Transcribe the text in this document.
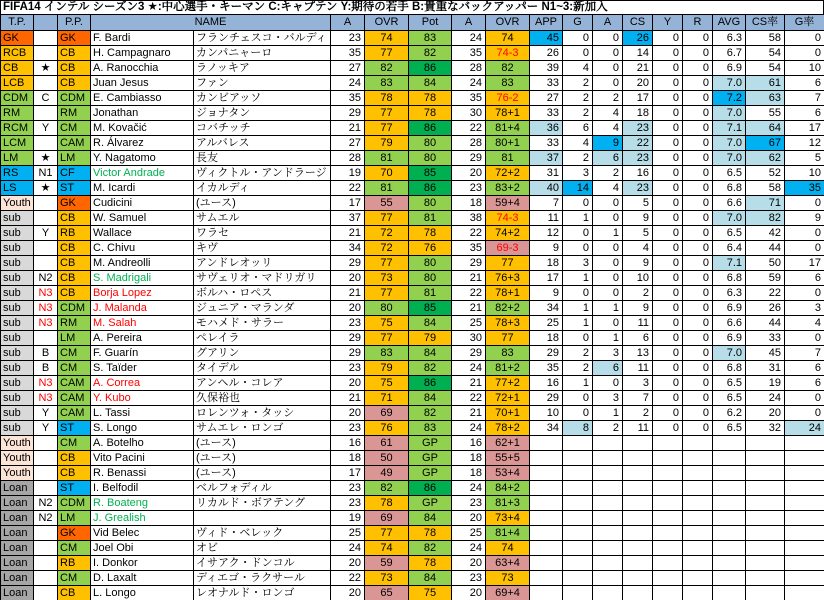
FIFA14 インテル シーズン3 ★:中心選手・キーマン C:キャプテン Y:期待の若手 B:貴重なバックアッパー N1~3:新加入
T.P.		P.P.	NAME		A	OVR	Pot	A	OVR	APP	G	A	CS	Y	R	AVG	CS率	G率
GK		GK	F. Bardi	フランチェスコ・バルディ	23	74	83	24	74	45	0	0	26	0	0	6.3	58	0
RCB		CB	H. Campagnaro	カンパニャーロ	35	77	82	35	74-3	26	0	0	14	0	0	6.7	54	0
CB	★	CB	A. Ranocchia	ラノッキア	27	82	86	28	82	39	4	0	21	0	0	6.9	54	10
LCB		CB	Juan Jesus	ファン	24	83	84	24	83	33	2	0	20	0	0	7.0	61	6
CDM	C	CDM	E. Cambiasso	カンビアッソ	35	78	78	35	76-2	27	2	2	17	0	0	7.2	63	7
RM		RM	Jonathan	ジョナタン	29	77	78	30	78+1	33	2	4	18	0	0	7.0	55	6
RCM	Y	CM	M. Kovačić	コバチッチ	21	77	86	22	81+4	36	6	4	23	0	0	7.1	64	17
LCM		CAM	R. Álvarez	アルバレス	27	79	80	28	80+1	33	4	9	22	0	0	7.0	67	12
LM	★	LM	Y. Nagatomo	長友	28	81	80	29	81	37	2	6	23	0	0	7.0	62	5
RS	N1	CF	Victor Andrade	ヴィクトル・アンドラージ	19	70	85	20	72+2	31	3	2	16	0	0	6.5	52	10
LS	★	ST	M. Icardi	イカルディ	22	81	86	23	83+2	40	14	4	23	0	0	6.8	58	35
Youth		GK	Cudicini	(ユース)	17	55	80	18	59+4	7	0	0	5	0	0	6.6	71	0
sub		CB	W. Samuel	サムエル	37	77	81	38	74-3	11	1	0	9	0	0	7.0	82	9
sub	Y	RB	Wallace	ワラセ	21	72	78	22	74+2	12	0	1	5	0	0	6.5	42	0
sub		CB	C. Chivu	キヴ	34	72	76	35	69-3	9	0	0	4	0	0	6.4	44	0
sub		CB	M. Andreolli	アンドレオッリ	29	77	80	29	77	18	3	0	9	0	0	7.1	50	17
sub	N2	CB	S. Madrigali	サヴェリオ・マドリガリ	20	73	80	21	76+3	17	1	0	10	0	0	6.8	59	6
sub	N3	CB	Borja Lopez	ボルハ・ロペス	21	77	81	22	78+1	9	0	0	2	0	0	6.3	22	0
sub	N3	CDM	J. Malanda	ジュニア・マランダ	20	80	85	21	82+2	34	1	1	9	0	0	6.9	26	3
sub	N3	RM	M. Salah	モハメド・サラー	23	75	84	25	78+3	25	1	0	11	0	0	6.6	44	4
sub		LM	A. Pereira	ペレイラ	29	77	79	30	77	18	0	1	6	0	0	6.9	33	0
sub	B	CM	F. Guarín	グアリン	29	83	84	29	83	29	2	3	13	0	0	7.0	45	7
sub	B	CM	S. Taïder	タイデル	23	79	82	24	81+2	35	2	6	11	0	0	6.8	31	6
sub	N3	CAM	A. Correa	アンヘル・コレア	20	75	86	21	77+2	16	1	0	3	0	0	6.5	19	6
sub	N3	CAM	Y. Kubo	久保裕也	21	71	84	22	72+1	29	0	3	7	0	0	6.5	24	0
sub	Y	CAM	L. Tassi	ロレンツォ・タッシ	20	69	82	21	70+1	10	0	1	2	0	0	6.2	20	0
sub	Y	ST	S. Longo	サムエレ・ロンゴ	23	76	83	24	78+2	34	8	2	11	0	0	6.5	32	24
Youth		CM	A. Botelho	(ユース)	16	61	GP	16	62+1									
Youth		CB	Vito Pacini	(ユース)	18	50	GP	18	55+5									
Youth		CB	R. Benassi	(ユース)	17	49	GP	18	53+4									
Loan		ST	I. Belfodil	ベルフォディル	23	82	86	24	84+2									
Loan	N2	CDM	R. Boateng	リカルド・ボアテング	23	78	GP	23	81+3									
Loan	N2	LM	J. Grealish		19	69	84	20	73+4									
Loan		GK	Vid Belec	ヴィド・ベレック	25	77	78	25	81+4									
Loan		CM	Joel Obi	オビ	24	74	82	24	74									
Loan		RB	I. Donkor	イサアク・ドンコル	20	59	78	20	63+4									
Loan		CM	D. Laxalt	ディエゴ・ラクサール	22	73	84	23	73									
Loan		CB	L. Longo	レオナルド・ロンゴ	20	65	75	20	69+4									
